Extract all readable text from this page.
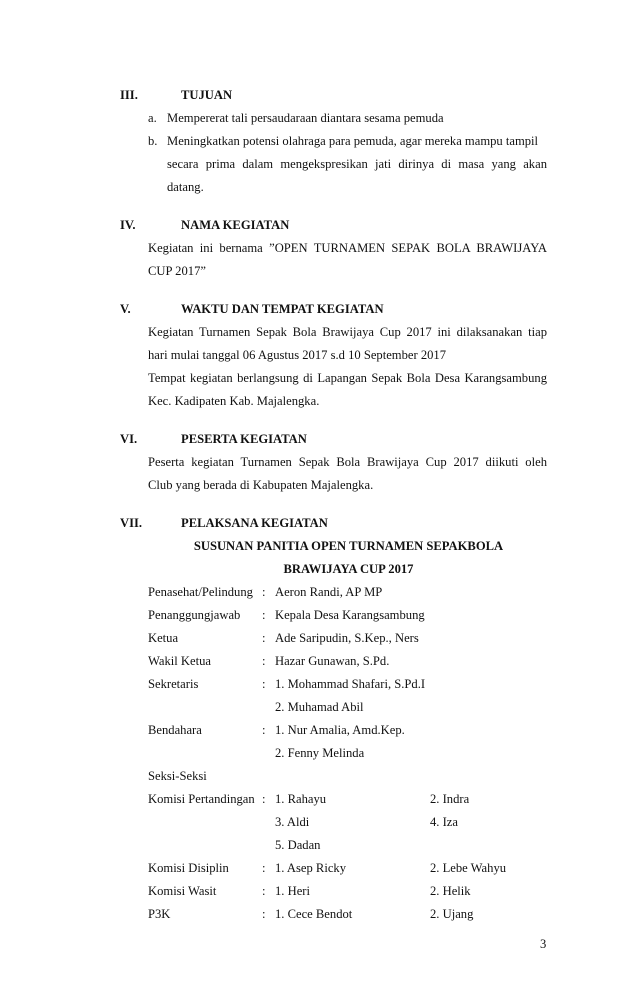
III.	TUJUAN
a. Mempererat tali persaudaraan diantara sesama pemuda
b. Meningkatkan potensi olahraga para pemuda, agar mereka mampu tampil
secara prima dalam mengekspresikan jati dirinya di masa yang akan
datang.
IV.	NAMA KEGIATAN
Kegiatan ini bernama ”OPEN TURNAMEN SEPAK BOLA BRAWIJAYA
CUP 2017”
V.	WAKTU DAN TEMPAT KEGIATAN
Kegiatan Turnamen Sepak Bola Brawijaya Cup 2017 ini dilaksanakan tiap
hari mulai tanggal 06 Agustus 2017 s.d 10 September 2017
Tempat kegiatan berlangsung di Lapangan Sepak Bola Desa Karangsambung
Kec. Kadipaten Kab. Majalengka.
VI.	PESERTA KEGIATAN
Peserta kegiatan Turnamen Sepak Bola Brawijaya Cup 2017 diikuti oleh
Club yang berada di Kabupaten Majalengka.
VII.	PELAKSANA KEGIATAN
SUSUNAN PANITIA OPEN TURNAMEN SEPAKBOLA
BRAWIJAYA CUP 2017
Penasehat/Pelindung : Aeron Randi, AP MP
Penanggungjawab : Kepala Desa Karangsambung
Ketua	: Ade Saripudin, S.Kep., Ners
Wakil Ketua	: Hazar Gunawan, S.Pd.
Sekretaris	: 1. Mohammad Shafari, S.Pd.I
2. Muhamad Abil
Bendahara	: 1. Nur Amalia, Amd.Kep.
2. Fenny Melinda
Seksi-Seksi
Komisi Pertandingan : 1. Rahayu	2. Indra
3. Aldi	4. Iza
5. Dadan
Komisi Disiplin	: 1. Asep Ricky	2. Lebe Wahyu
Komisi Wasit	: 1. Heri	2. Helik
P3K	: 1. Cece Bendot	2. Ujang
3
